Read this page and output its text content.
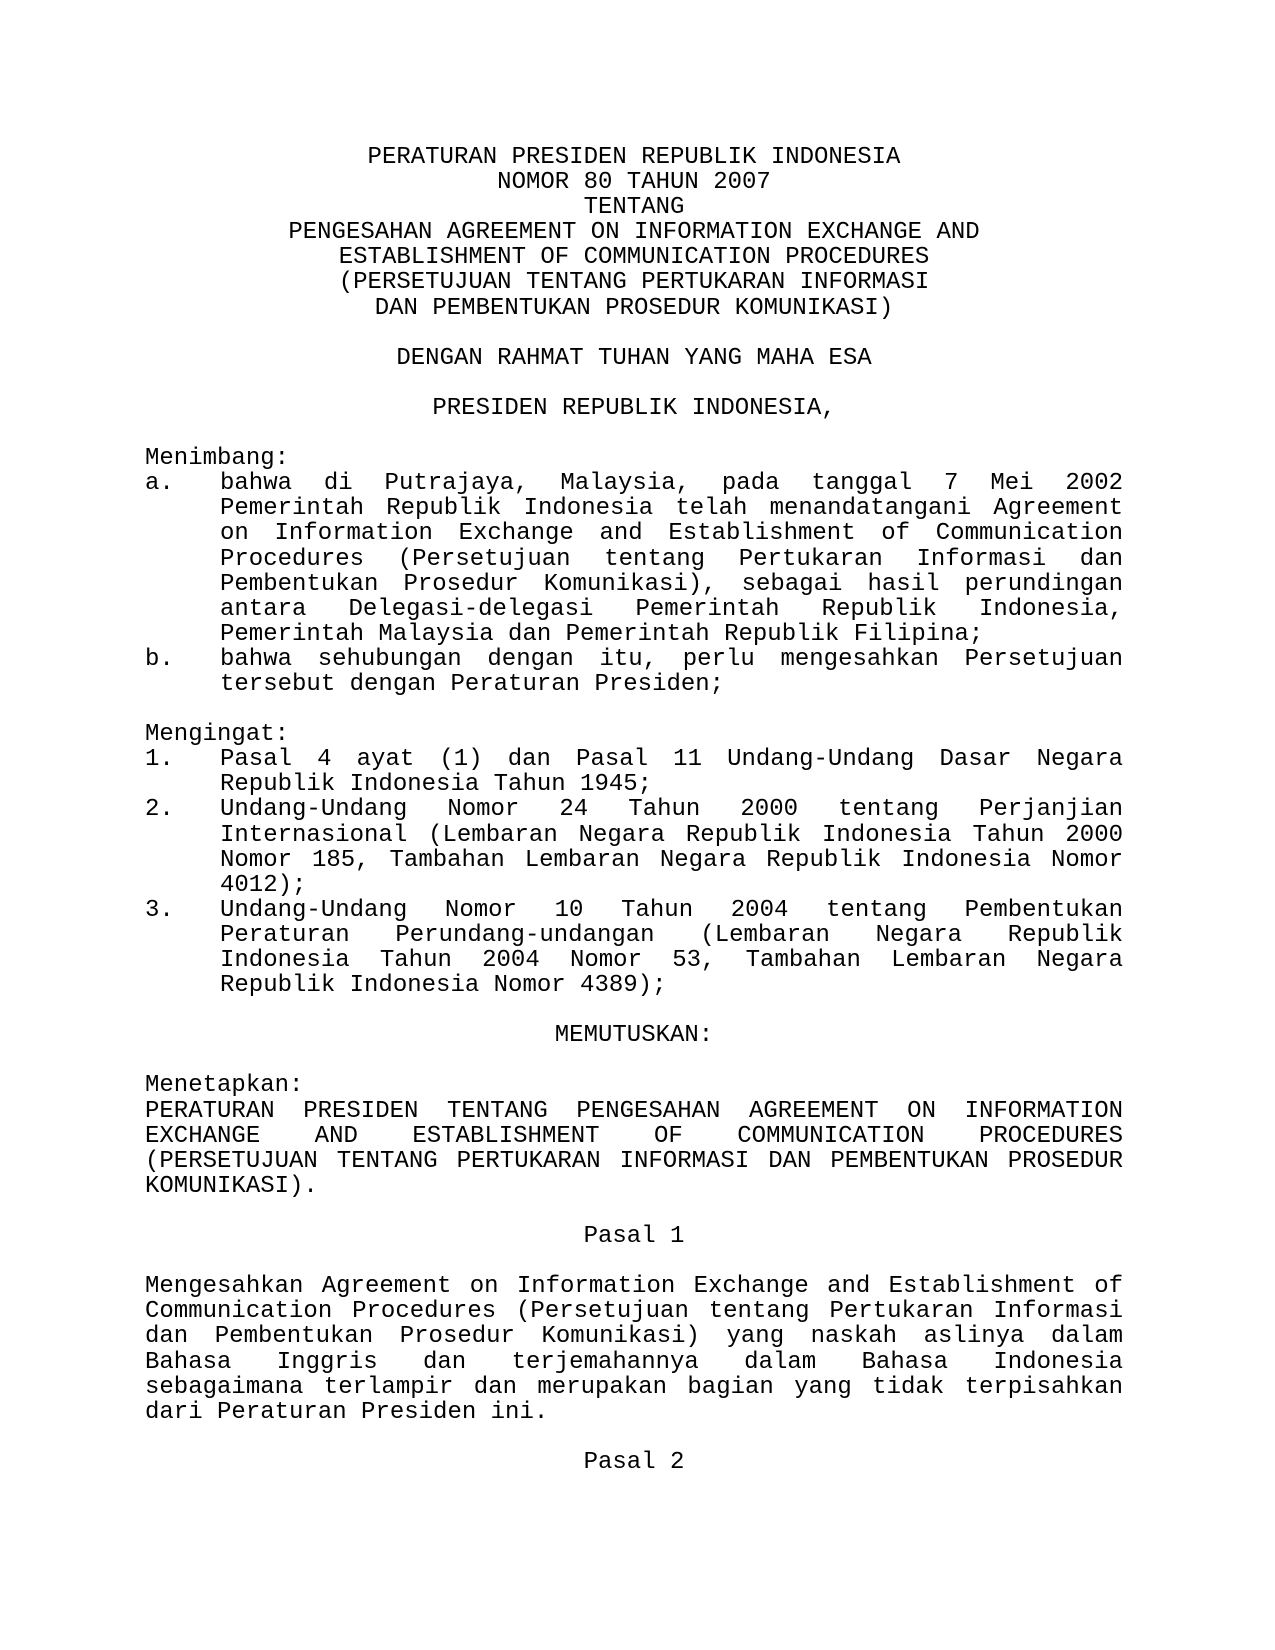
PERATURAN PRESIDEN REPUBLIK INDONESIA
NOMOR 80 TAHUN 2007
TENTANG
PENGESAHAN AGREEMENT ON INFORMATION EXCHANGE AND
ESTABLISHMENT OF COMMUNICATION PROCEDURES
(PERSETUJUAN TENTANG PERTUKARAN INFORMASI
DAN PEMBENTUKAN PROSEDUR KOMUNIKASI)
DENGAN RAHMAT TUHAN YANG MAHA ESA
PRESIDEN REPUBLIK INDONESIA,
Menimbang:
a.	bahwa di Putrajaya, Malaysia, pada tanggal 7 Mei 2002
Pemerintah Republik Indonesia telah menandatangani Agreement
on Information Exchange and Establishment of Communication
Procedures (Persetujuan tentang Pertukaran Informasi dan
Pembentukan Prosedur Komunikasi), sebagai hasil perundingan
antara Delegasi-delegasi Pemerintah Republik Indonesia,
Pemerintah Malaysia dan Pemerintah Republik Filipina;
b.	bahwa sehubungan dengan itu, perlu mengesahkan Persetujuan
tersebut dengan Peraturan Presiden;
Mengingat:
1.	Pasal 4 ayat (1) dan Pasal 11 Undang-Undang Dasar Negara
Republik Indonesia Tahun 1945;
2.	Undang-Undang Nomor 24 Tahun 2000 tentang Perjanjian
Internasional (Lembaran Negara Republik Indonesia Tahun 2000
Nomor 185, Tambahan Lembaran Negara Republik Indonesia Nomor
4012);
3.	Undang-Undang Nomor 10 Tahun 2004 tentang Pembentukan
Peraturan Perundang-undangan (Lembaran Negara Republik
Indonesia Tahun 2004 Nomor 53, Tambahan Lembaran Negara
Republik Indonesia Nomor 4389);
MEMUTUSKAN:
Menetapkan:
PERATURAN PRESIDEN TENTANG PENGESAHAN AGREEMENT ON INFORMATION
EXCHANGE AND ESTABLISHMENT OF COMMUNICATION PROCEDURES
(PERSETUJUAN TENTANG PERTUKARAN INFORMASI DAN PEMBENTUKAN PROSEDUR
KOMUNIKASI).
Pasal 1
Mengesahkan Agreement on Information Exchange and Establishment of
Communication Procedures (Persetujuan tentang Pertukaran Informasi
dan Pembentukan Prosedur Komunikasi) yang naskah aslinya dalam
Bahasa Inggris dan terjemahannya dalam Bahasa Indonesia
sebagaimana terlampir dan merupakan bagian yang tidak terpisahkan
dari Peraturan Presiden ini.
Pasal 2
